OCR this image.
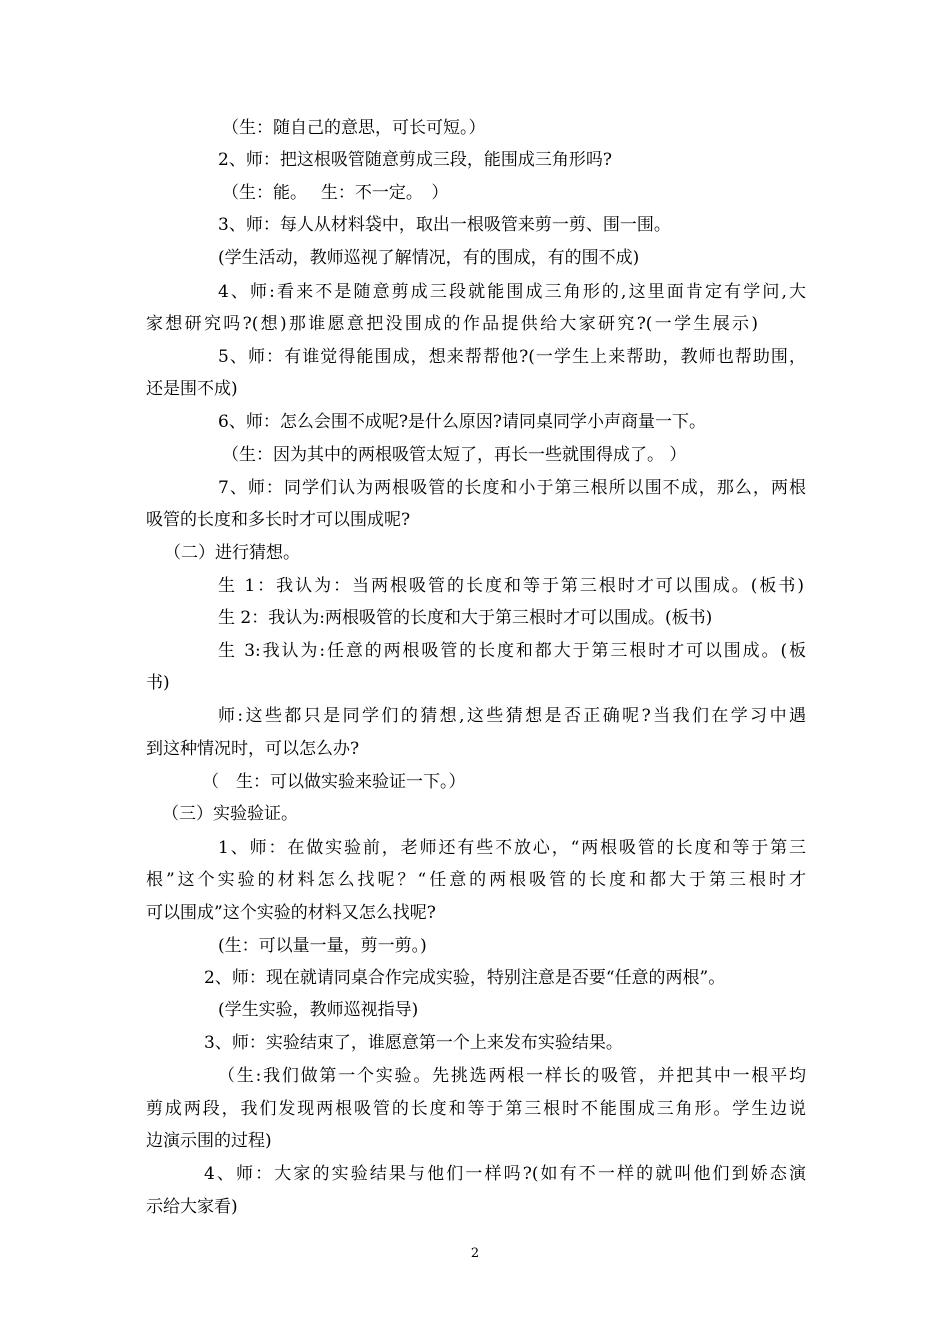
（生：随自己的意思，可长可短。）
2、师：把这根吸管随意剪成三段，能围成三角形吗?
（生：能。　 生：不一定。　）
3、师：每人从材料袋中，取出一根吸管来剪一剪、围一围。
(学生活动，教师巡视了解情况，有的围成，有的围不成)
4、师:看来不是随意剪成三段就能围成三角形的,这里面肯定有学问,大
家想研究吗?(想)那谁愿意把没围成的作品提供给大家研究?(一学生展示)
5、师：有谁觉得能围成，想来帮帮他?(一学生上来帮助，教师也帮助围，
还是围不成)
6、师：怎么会围不成呢?是什么原因?请同桌同学小声商量一下。
（生：因为其中的两根吸管太短了，再长一些就围得成了。 ）
7、师：同学们认为两根吸管的长度和小于第三根所以围不成，那么，两根
吸管的长度和多长时才可以围成呢?
（二）进行猜想。
生 1：我认为：当两根吸管的长度和等于第三根时才可以围成。(板书)
生 2：我认为:两根吸管的长度和大于第三根时才可以围成。(板书)
生 3:我认为:任意的两根吸管的长度和都大于第三根时才可以围成。(板
书)
师:这些都只是同学们的猜想,这些猜想是否正确呢?当我们在学习中遇
到这种情况时，可以怎么办?
（　生：可以做实验来验证一下。）
（三）实验验证。
1、师：在做实验前，老师还有些不放心，“两根吸管的长度和等于第三
根”这个实验的材料怎么找呢？“任意的两根吸管的长度和都大于第三根时才
可以围成”这个实验的材料又怎么找呢?
(生：可以量一量，剪一剪。)
2、师：现在就请同桌合作完成实验，特别注意是否要“任意的两根”。
(学生实验，教师巡视指导)
3、师：实验结束了，谁愿意第一个上来发布实验结果。
（生:我们做第一个实验。先挑选两根一样长的吸管，并把其中一根平均
剪成两段，我们发现两根吸管的长度和等于第三根时不能围成三角形。学生边说
边演示围的过程)
4、师：大家的实验结果与他们一样吗?(如有不一样的就叫他们到娇态演
示给大家看)
2
